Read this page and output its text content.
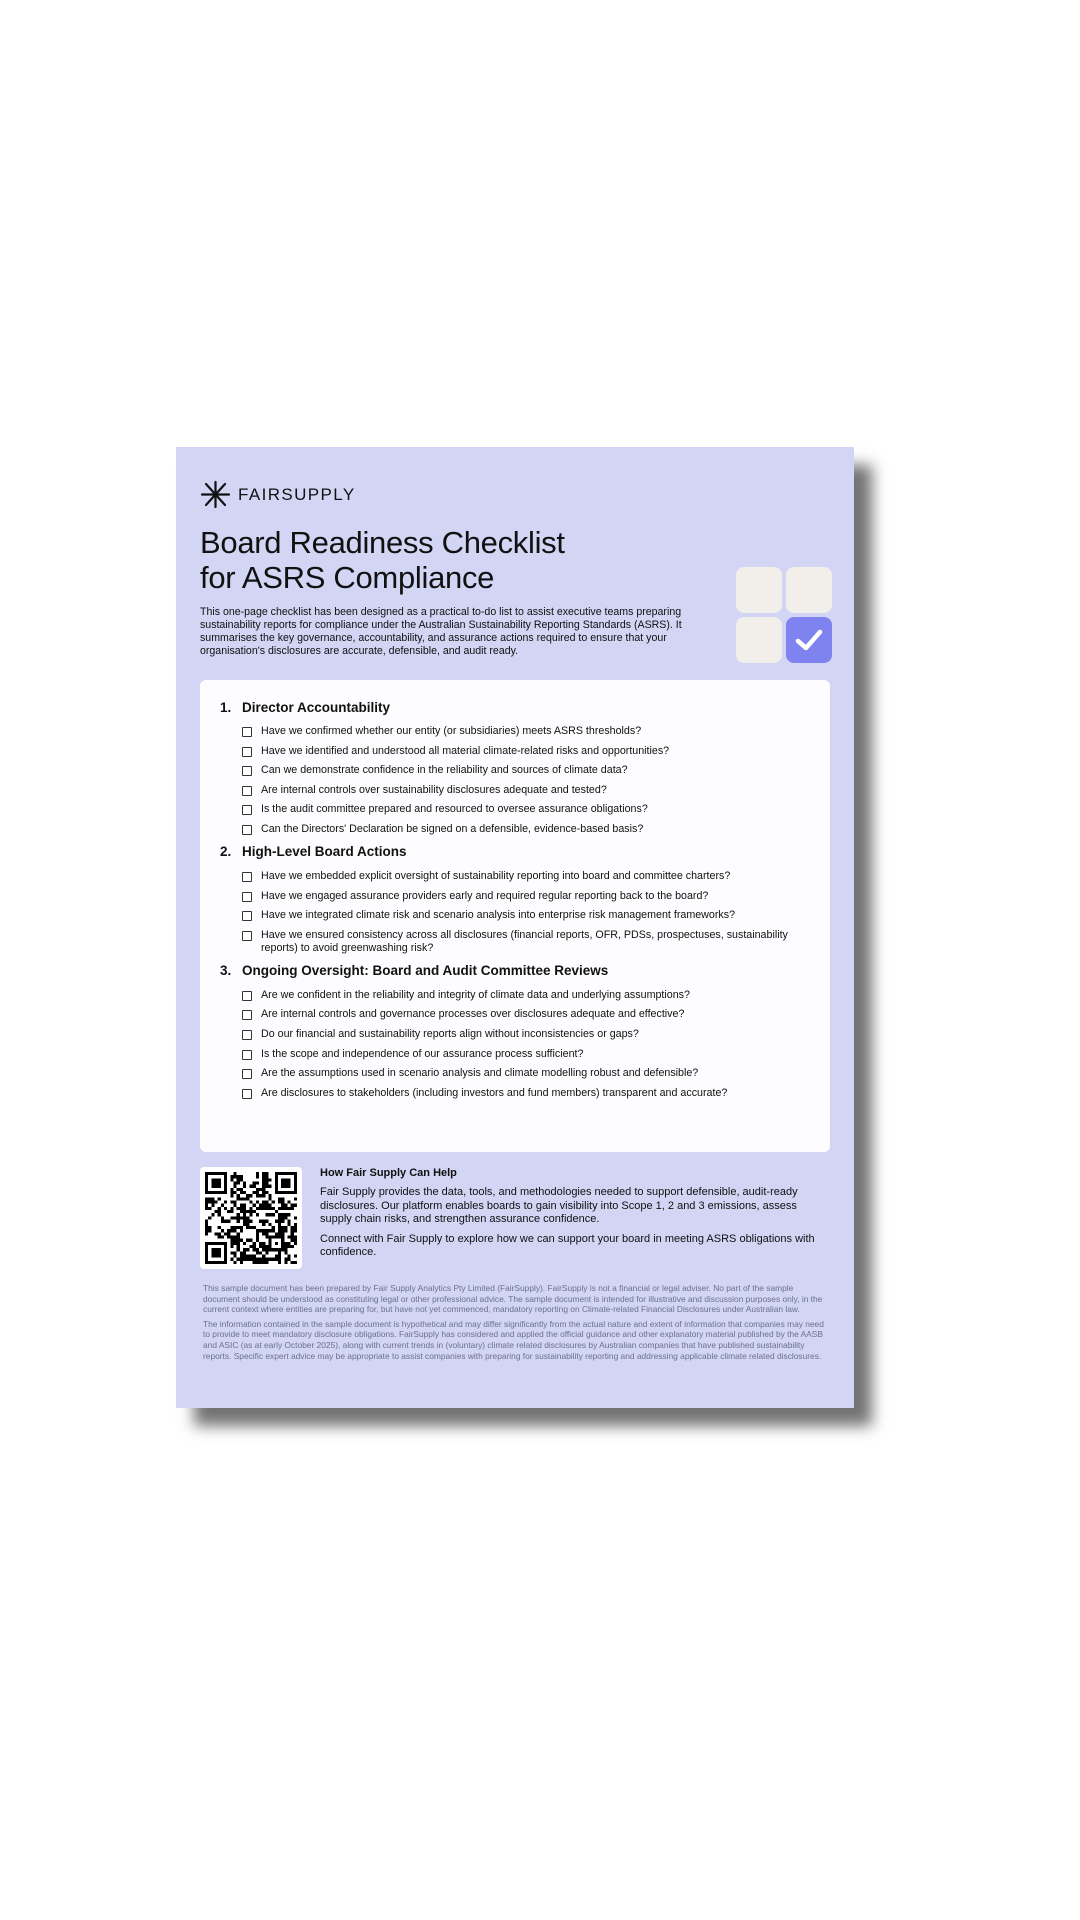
FAIRSUPPLY
Board Readiness Checklist
for ASRS Compliance
This one-page checklist has been designed as a practical to-do list to assist executive teams preparing sustainability reports for compliance under the Australian Sustainability Reporting Standards (ASRS). It summarises the key governance, accountability, and assurance actions required to ensure that your organisation's disclosures are accurate, defensible, and audit ready.
1. Director Accountability
Have we confirmed whether our entity (or subsidiaries) meets ASRS thresholds?
Have we identified and understood all material climate-related risks and opportunities?
Can we demonstrate confidence in the reliability and sources of climate data?
Are internal controls over sustainability disclosures adequate and tested?
Is the audit committee prepared and resourced to oversee assurance obligations?
Can the Directors' Declaration be signed on a defensible, evidence-based basis?
2. High-Level Board Actions
Have we embedded explicit oversight of sustainability reporting into board and committee charters?
Have we engaged assurance providers early and required regular reporting back to the board?
Have we integrated climate risk and scenario analysis into enterprise risk management frameworks?
Have we ensured consistency across all disclosures (financial reports, OFR, PDSs, prospectuses, sustainability reports) to avoid greenwashing risk?
3. Ongoing Oversight: Board and Audit Committee Reviews
Are we confident in the reliability and integrity of climate data and underlying assumptions?
Are internal controls and governance processes over disclosures adequate and effective?
Do our financial and sustainability reports align without inconsistencies or gaps?
Is the scope and independence of our assurance process sufficient?
Are the assumptions used in scenario analysis and climate modelling robust and defensible?
Are disclosures to stakeholders (including investors and fund members) transparent and accurate?
How Fair Supply Can Help

Fair Supply provides the data, tools, and methodologies needed to support defensible, audit-ready disclosures. Our platform enables boards to gain visibility into Scope 1, 2 and 3 emissions, assess supply chain risks, and strengthen assurance confidence.

Connect with Fair Supply to explore how we can support your board in meeting ASRS obligations with confidence.

This sample document has been prepared by Fair Supply Analytics Pty Limited (FairSupply). FairSupply is not a financial or legal adviser. No part of the sample document should be understood as constituting legal or other professional advice. The sample document is intended for illustrative and discussion purposes only, in the current context where entities are preparing for, but have not yet commenced, mandatory reporting on Climate-related Financial Disclosures under Australian law.

The information contained in the sample document is hypothetical and may differ significantly from the actual nature and extent of information that companies may need to provide to meet mandatory disclosure obligations. FairSupply has considered and applied the official guidance and other explanatory material published by the AASB and ASIC (as at early October 2025), along with current trends in (voluntary) climate related disclosures by Australian companies that have published sustainability reports. Specific expert advice may be appropriate to assist companies with preparing for sustainability reporting and addressing applicable climate related disclosures.
